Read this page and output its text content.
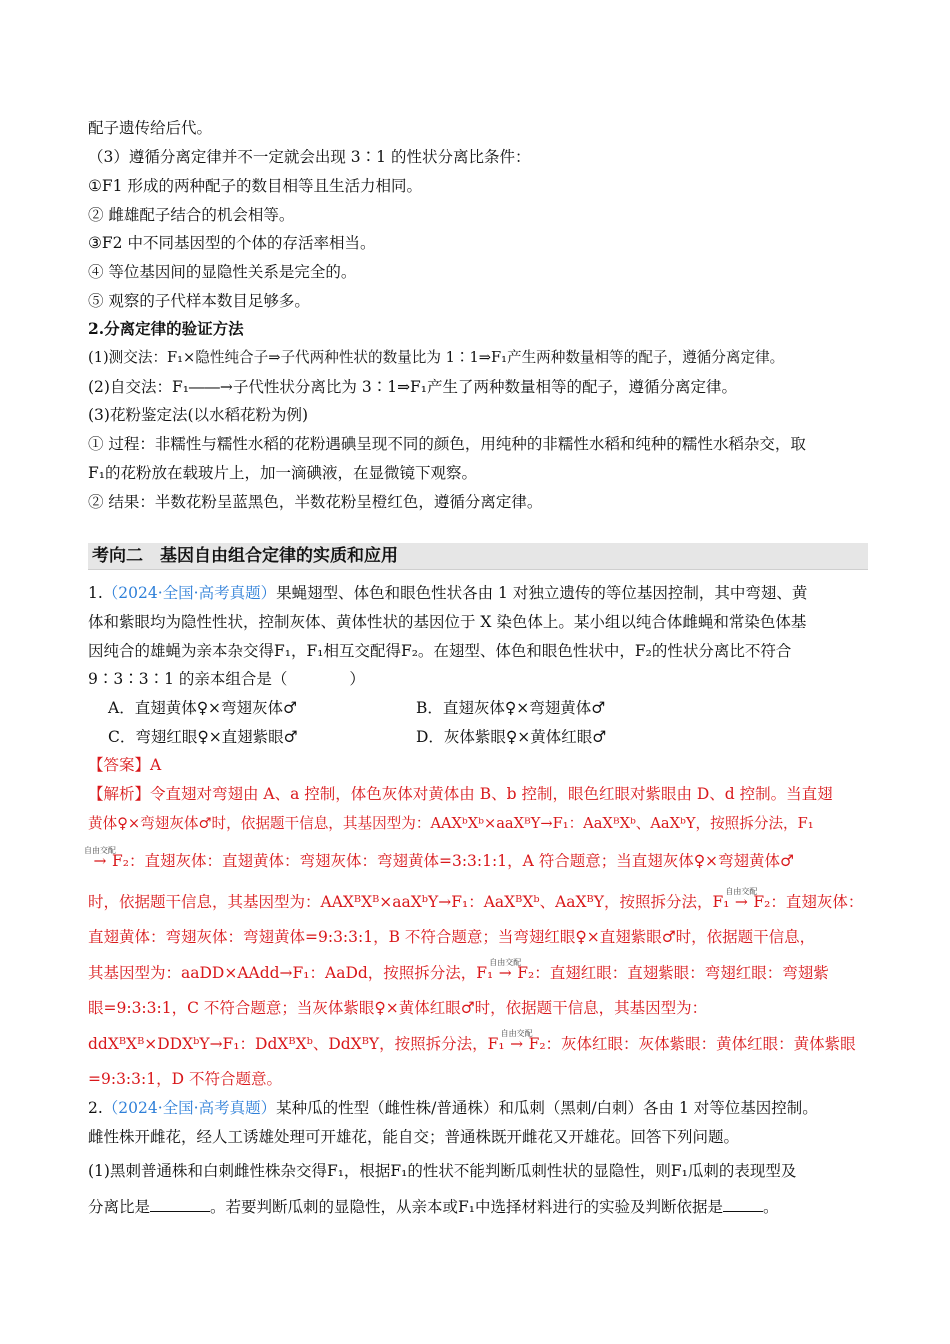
配子遗传给后代。
（3）遵循分离定律并不一定就会出现 3∶1 的性状分离比条件：
①F1 形成的两种配子的数目相等且生活力相同。
② 雌雄配子结合的机会相等。
③F2 中不同基因型的个体的存活率相当。
④ 等位基因间的显隐性关系是完全的。
⑤ 观察的子代样本数目足够多。
2.分离定律的验证方法
(1)测交法：F₁×隐性纯合子⇒子代两种性状的数量比为 1∶1⇒F₁产生两种数量相等的配子，遵循分离定律。
(2)自交法：F₁――→子代性状分离比为 3∶1⇒F₁产生了两种数量相等的配子，遵循分离定律。
(3)花粉鉴定法(以水稻花粉为例)
① 过程：非糯性与糯性水稻的花粉遇碘呈现不同的颜色，用纯种的非糯性水稻和纯种的糯性水稻杂交，取
F₁的花粉放在载玻片上，加一滴碘液，在显微镜下观察。
② 结果：半数花粉呈蓝黑色，半数花粉呈橙红色，遵循分离定律。
考向二　基因自由组合定律的实质和应用
1.（2024·全国·高考真题）果蝇翅型、体色和眼色性状各由 1 对独立遗传的等位基因控制，其中弯翅、黄
体和紫眼均为隐性性状，控制灰体、黄体性状的基因位于 X 染色体上。某小组以纯合体雌蝇和常染色体基
因纯合的雄蝇为亲本杂交得F₁，F₁相互交配得F₂。在翅型、体色和眼色性状中，F₂的性状分离比不符合
9∶3∶3∶1 的亲本组合是（　　　　）
A．直翅黄体♀×弯翅灰体♂	B．直翅灰体♀×弯翅黄体♂
C．弯翅红眼♀×直翅紫眼♂	D．灰体紫眼♀×黄体红眼♂
【答案】A
【解析】令直翅对弯翅由 A、a 控制，体色灰体对黄体由 B、b 控制，眼色红眼对紫眼由 D、d 控制。当直翅
黄体♀×弯翅灰体♂时，依据题干信息，其基因型为：AAXᵇXᵇ×aaXᴮY→F₁：AaXᴮXᵇ、AaXᵇY，按照拆分法，F₁
自由交配
→ F₂：直翅灰体：直翅黄体：弯翅灰体：弯翅黄体=3:3:1:1，A 符合题意；当直翅灰体♀×弯翅黄体♂
时，依据题干信息，其基因型为：AAXᴮXᴮ×aaXᵇY→F₁：AaXᴮXᵇ、AaXᴮY，按照拆分法，F₁
自由交配
→ F₂：直翅灰体：
直翅黄体：弯翅灰体：弯翅黄体=9:3:3:1，B 不符合题意；当弯翅红眼♀×直翅紫眼♂时，依据题干信息，
其基因型为：aaDD×AAdd→F₁：AaDd，按照拆分法，F₁
自由交配
→ F₂：直翅红眼：直翅紫眼：弯翅红眼：弯翅紫
眼=9:3:3:1，C 不符合题意；当灰体紫眼♀×黄体红眼♂时，依据题干信息，其基因型为：
ddXᴮXᴮ×DDXᵇY→F₁：DdXᴮXᵇ、DdXᴮY，按照拆分法，F₁
自由交配
→ F₂：灰体红眼：灰体紫眼：黄体红眼：黄体紫眼
=9:3:3:1，D 不符合题意。
2.（2024·全国·高考真题）某种瓜的性型（雌性株/普通株）和瓜刺（黑刺/白刺）各由 1 对等位基因控制。
雌性株开雌花，经人工诱雄处理可开雄花，能自交；普通株既开雌花又开雄花。回答下列问题。
(1)黑刺普通株和白刺雌性株杂交得F₁，根据F₁的性状不能判断瓜刺性状的显隐性，则F₁瓜刺的表现型及
分离比是	。若要判断瓜刺的显隐性，从亲本或F₁中选择材料进行的实验及判断依据是	。
